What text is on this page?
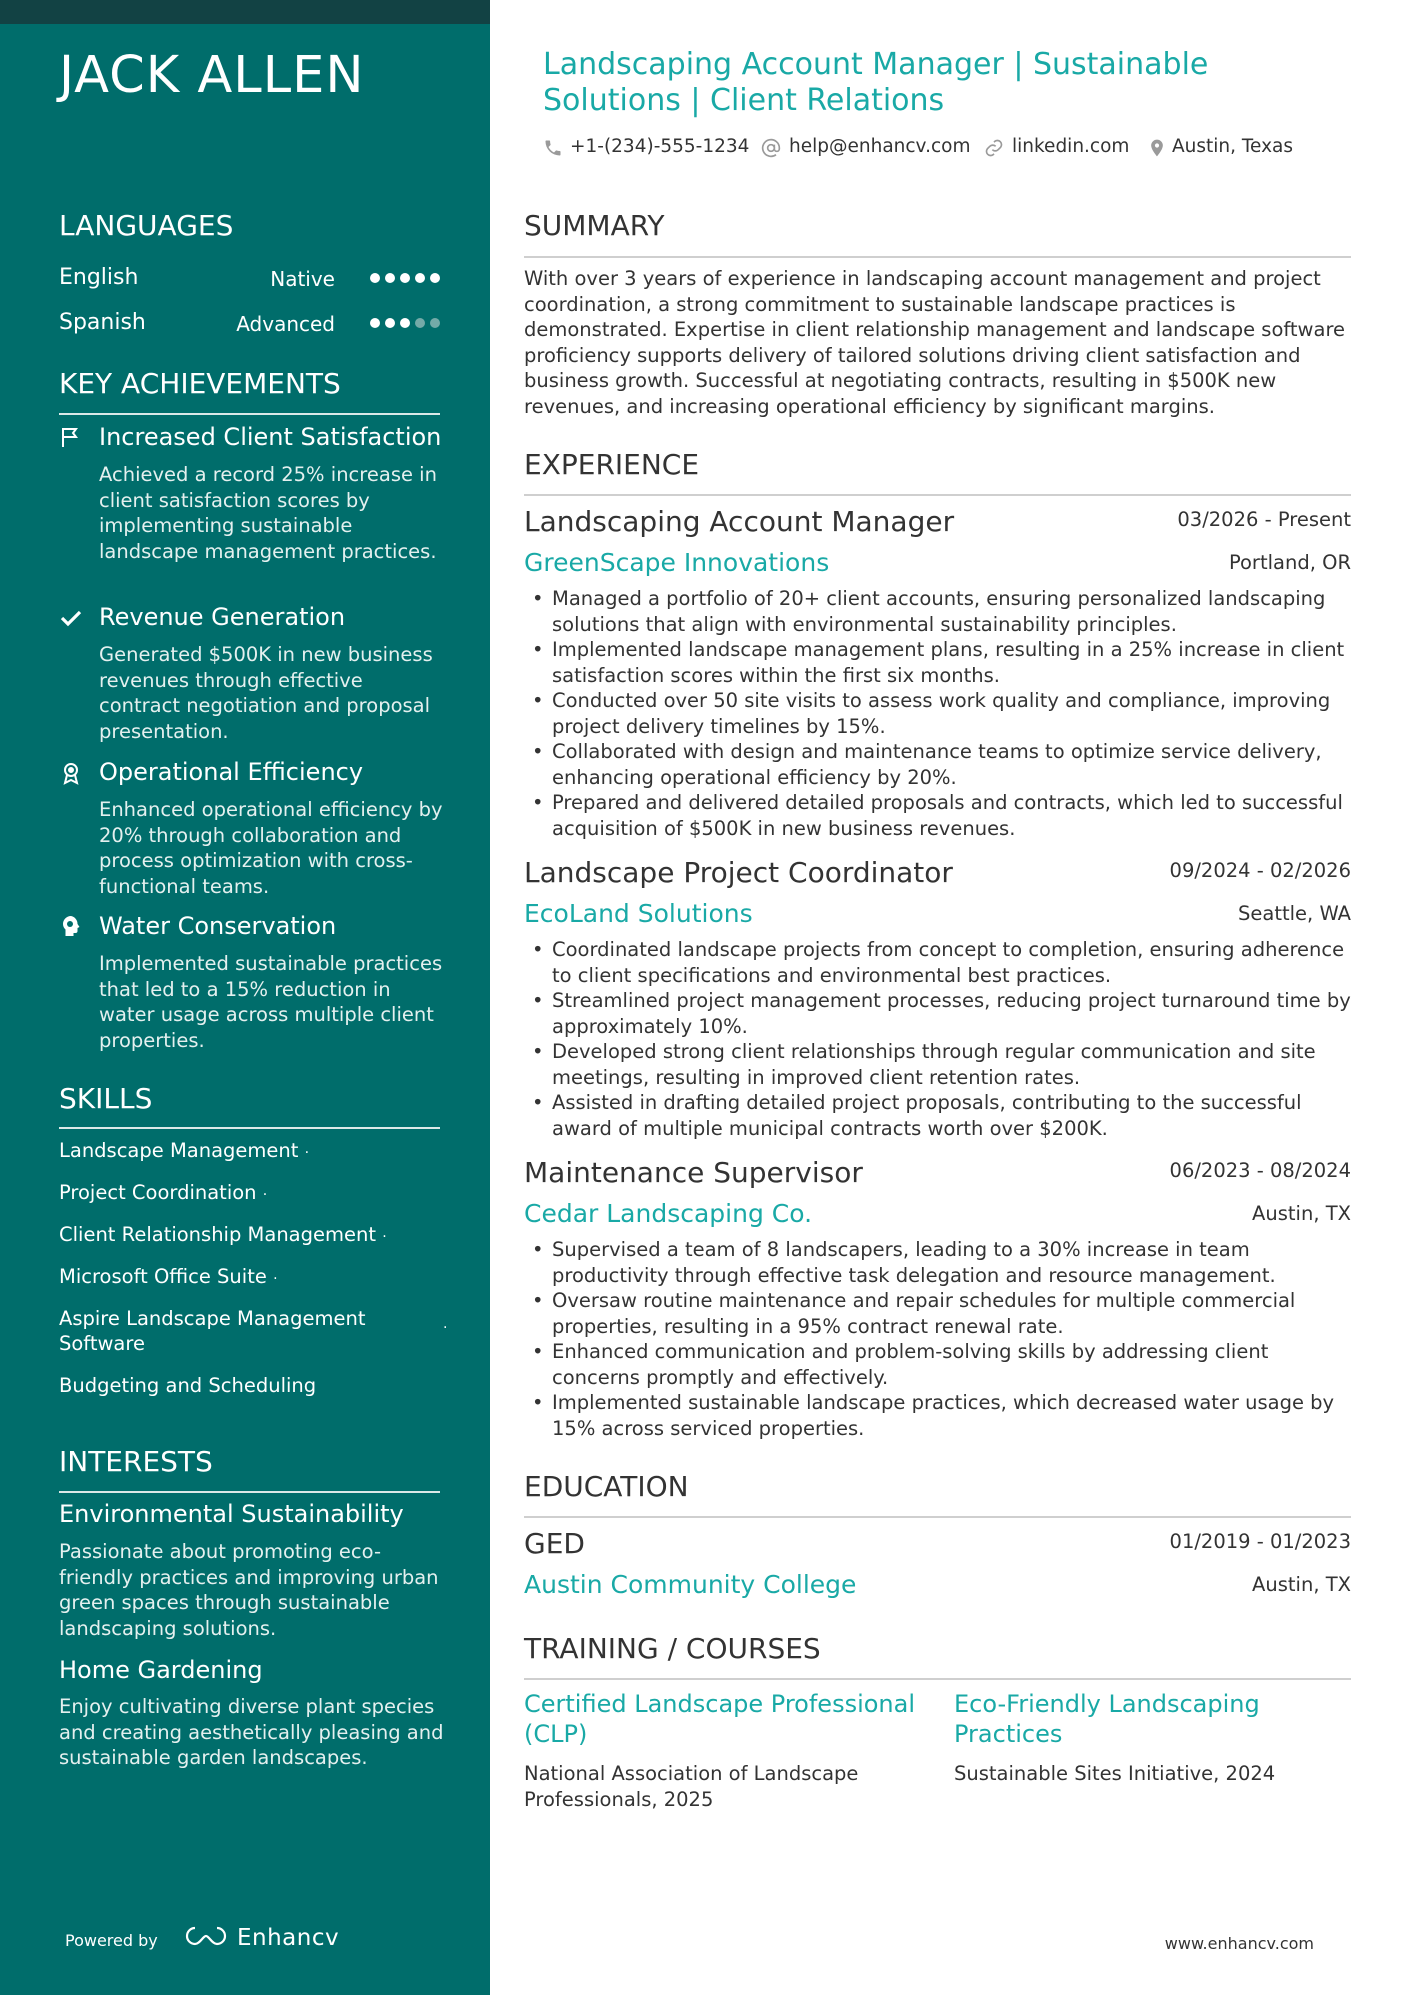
JACK ALLEN
LANGUAGES
English	Native
Spanish	Advanced
KEY ACHIEVEMENTS
Increased Client Satisfaction
Achieved a record 25% increase in client satisfaction scores by implementing sustainable landscape management practices.
Revenue Generation
Generated $500K in new business revenues through effective contract negotiation and proposal presentation.
Operational Efficiency
Enhanced operational efficiency by 20% through collaboration and process optimization with cross-functional teams.
Water Conservation
Implemented sustainable practices that led to a 15% reduction in water usage across multiple client properties.
SKILLS
Landscape Management ·
Project Coordination ·
Client Relationship Management ·
Microsoft Office Suite ·
Aspire Landscape Management Software
·
Budgeting and Scheduling
INTERESTS
Environmental Sustainability
Passionate about promoting eco-friendly practices and improving urban green spaces through sustainable landscaping solutions.
Home Gardening
Enjoy cultivating diverse plant species and creating aesthetically pleasing and sustainable garden landscapes.
Powered by	Enhancv
Landscaping Account Manager | Sustainable Solutions | Client Relations
+1-(234)-555-1234 help@enhancv.com linkedin.com Austin, Texas
SUMMARY
With over 3 years of experience in landscaping account management and project coordination, a strong commitment to sustainable landscape practices is demonstrated. Expertise in client relationship management and landscape software proficiency supports delivery of tailored solutions driving client satisfaction and business growth. Successful at negotiating contracts, resulting in $500K new revenues, and increasing operational efficiency by significant margins.
EXPERIENCE
Landscaping Account Manager	03/2026 - Present
GreenScape Innovations	Portland, OR
• Managed a portfolio of 20+ client accounts, ensuring personalized landscaping solutions that align with environmental sustainability principles.
• Implemented landscape management plans, resulting in a 25% increase in client satisfaction scores within the first six months.
• Conducted over 50 site visits to assess work quality and compliance, improving project delivery timelines by 15%.
• Collaborated with design and maintenance teams to optimize service delivery, enhancing operational efficiency by 20%.
• Prepared and delivered detailed proposals and contracts, which led to successful acquisition of $500K in new business revenues.
Landscape Project Coordinator	09/2024 - 02/2026
EcoLand Solutions	Seattle, WA
• Coordinated landscape projects from concept to completion, ensuring adherence to client specifications and environmental best practices.
• Streamlined project management processes, reducing project turnaround time by approximately 10%.
• Developed strong client relationships through regular communication and site meetings, resulting in improved client retention rates.
• Assisted in drafting detailed project proposals, contributing to the successful award of multiple municipal contracts worth over $200K.
Maintenance Supervisor	06/2023 - 08/2024
Cedar Landscaping Co.	Austin, TX
• Supervised a team of 8 landscapers, leading to a 30% increase in team productivity through effective task delegation and resource management.
• Oversaw routine maintenance and repair schedules for multiple commercial properties, resulting in a 95% contract renewal rate.
• Enhanced communication and problem-solving skills by addressing client concerns promptly and effectively.
• Implemented sustainable landscape practices, which decreased water usage by 15% across serviced properties.
EDUCATION
GED	01/2019 - 01/2023
Austin Community College	Austin, TX
TRAINING / COURSES
Certified Landscape Professional (CLP)
National Association of Landscape Professionals, 2025
Eco-Friendly Landscaping Practices
Sustainable Sites Initiative, 2024
www.enhancv.com
